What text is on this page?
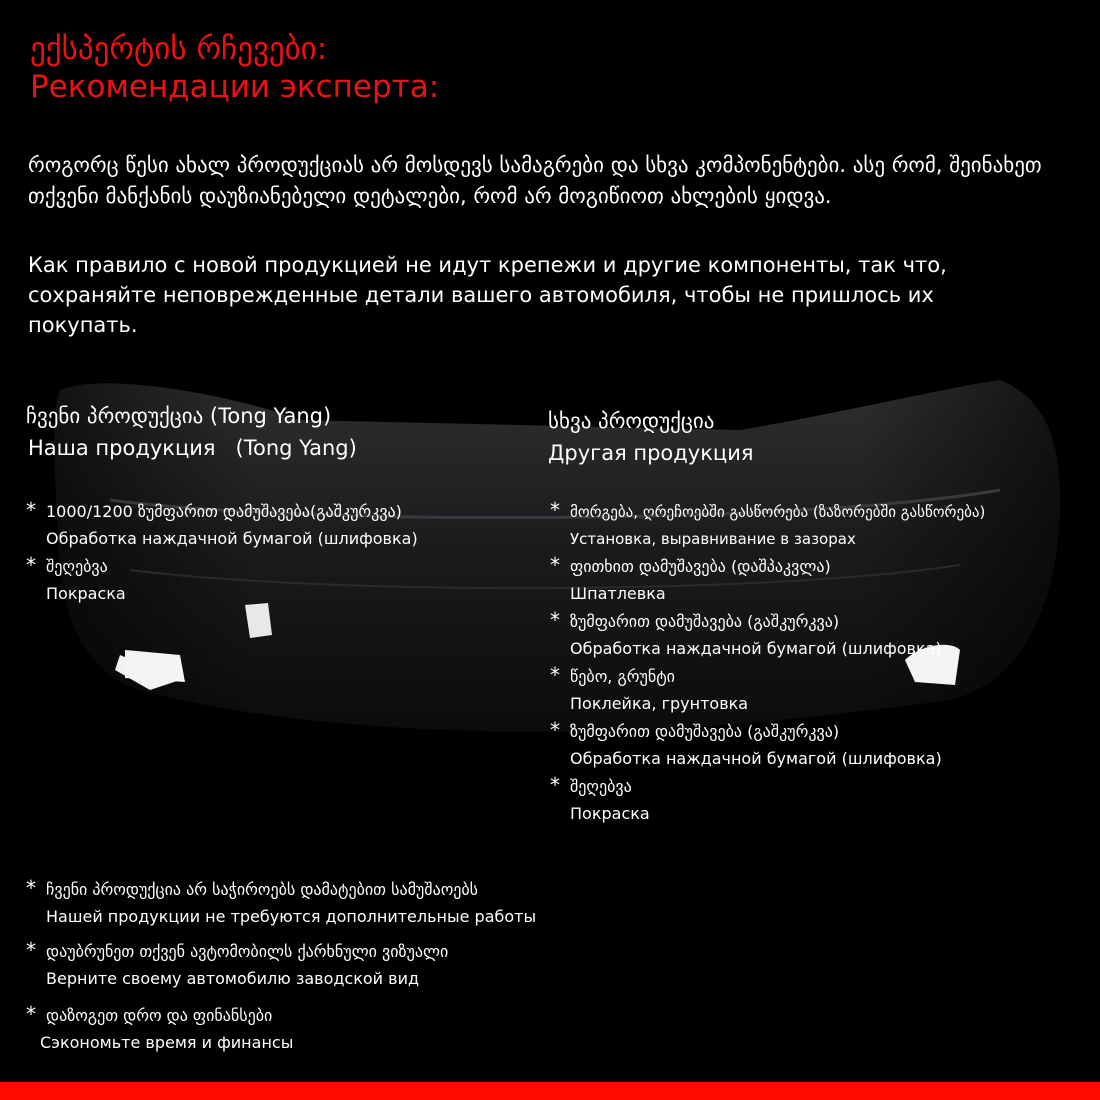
ექსპერტის რჩევები:
Рекомендации эксперта:
როგორც წესი ახალ პროდუქციას არ მოსდევს სამაგრები და სხვა კომპონენტები. ასე რომ, შეინახეთ თქვენი მანქანის დაუზიანებელი დეტალები, რომ არ მოგიწიოთ ახლების ყიდვა.
Как правило с новой продукцией не идут крепежи и другие компоненты, так что, сохраняйте неповрежденные детали вашего автомобиля, чтобы не пришлось их покупать.
ჩვენი პროდუქცია (Tong Yang)
Наша продукция   (Tong Yang)
* 1000/1200 ზუმფარით დამუშავება(გაშკურკვა)
Обработка наждачной бумагой (шлифовка)
* შეღებვა
Покраска
სხვა პროდუქცია
Другая продукция
* მორგება, ღრეჩოებში გასწორება (ზაზორებში გასწორება)
Установка, выравнивание в зазорах
* ფითხით დამუშავება (დაშპაკვლა)
Шпатлевка
* ზუმფარით დამუშავება (გაშკურკვა)
Обработка наждачной бумагой (шлифовка)
* წებო, გრუნტი
Поклейка, грунтовка
* ზუმფარით დამუშავება (გაშკურკვა)
Обработка наждачной бумагой (шлифовка)
* შეღებვა
Покраска
* ჩვენი პროდუქცია არ საჭიროებს დამატებით სამუშაოებს
Нашей продукции не требуются дополнительные работы
* დაუბრუნეთ თქვენ ავტომობილს ქარხნული ვიზუალი
Верните своему автомобилю заводской вид
* დაზოგეთ დრო და ფინანსები
Сэкономьте время и финансы
